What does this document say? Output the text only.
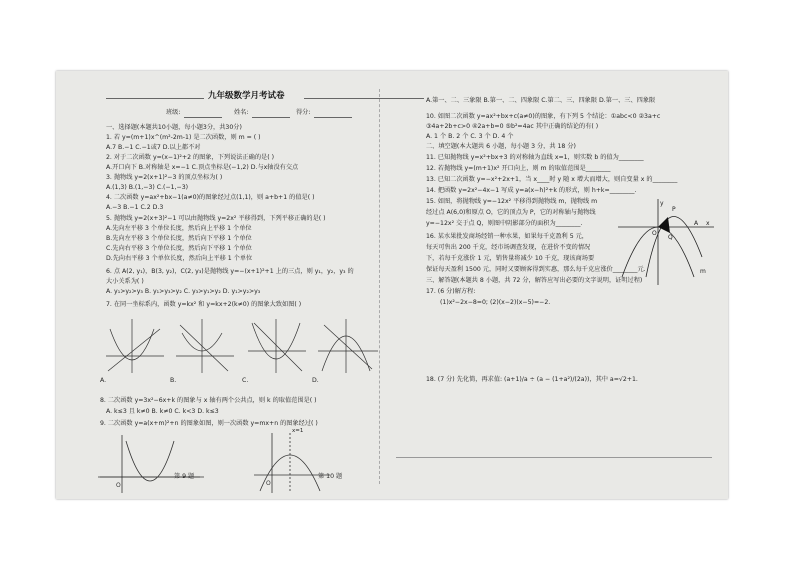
九年级数学月考试卷
班级:	姓名:	得分:
一、选择题(本题共10小题，每小题3分，共30分)
1. 若 y=(m+1)x^(m²-2m-1) 是二次函数，则 m = ( )
A.7 B.−1 C.−1或7 D.以上都不对
2. 对于二次函数 y=(x−1)²+2 的图象，下列说法正确的是( )
A.开口向下 B.对称轴是 x=−1 C.顶点坐标是(−1,2) D.与x轴没有交点
3. 抛物线 y=2(x+1)²−3 的顶点坐标为( )
A.(1,3) B.(1,−3) C.(−1,−3)
4. 二次函数 y=ax²+bx−1(a≠0)的图象经过点(1,1)，则 a+b+1 的值是( )
A.−3 B.−1 C.2 D.3
5. 抛物线 y=2(x+3)²−1 可以由抛物线 y=2x² 平移得到，下列平移正确的是( )
A.先向左平移 3 个单位长度，然后向上平移 1 个单位
B.先向左平移 3 个单位长度，然后向下平移 1 个单位
C.先向右平移 3 个单位长度，然后向下平移 1 个单位
D.先向右平移 3 个单位长度，然后向上平移 1 个单位
6. 点 A(2, y₁)，B(3, y₂)，C(2, y₃)是抛物线 y=−(x+1)²+1 上的三点，则 y₁，y₂，y₃ 的
大小关系为( )
A. y₁>y₂>y₃ B. y₁>y₃>y₂ C. y₃>y₁>y₂ D. y₁>y₂>y₃
7. 在同一坐标系内，函数 y=kx² 和 y=kx+2(k≠0) 的图象大致如图( )
A.	B.	C.	D.
8. 二次函数 y=3x²−6x+k 的图象与 x 轴有两个公共点，则 k 的取值范围是( )
A. k≤3 且 k≠0 B. k≠0 C. k<3 D. k≤3
9. 二次函数 y=a(x+m)²+n 的图象如图，则一次函数 y=mx+n 的图象经过( )
O
第 9 题
O
x=1
第 10 题
A.第一、二、三象限 B.第一、二、四象限 C.第二、三、四象限 D.第一、三、四象限
10. 如图二次函数 y=ax²+bx+c(a≠0)的图象，有下列 5 个结论：①abc<0 ②3a+c
③4a+2b+c>0 ④2a+b=0 ⑤b²=4ac 其中正确的结论的有( )
A. 1 个 B. 2 个 C. 3 个 D. 4 个
二、填空题(本大题共 6 小题，每小题 3 分，共 18 分)
11. 已知抛物线 y=x²+bx+3 的对称轴为直线 x=1，则实数 b 的值为________
12. 若抛物线 y=(m+1)x² 开口向上，则 m 的取值范围是________
13. 已知二次函数 y=−x²+2x+1，当 x____时 y 随 x 增大而增大，则自变量 x 的________
14. 把函数 y=2x²−4x−1 写成 y=a(x−h)²+k 的形式，则 h+k=________.
15. 如图，将抛物线 y=−12x² 平移得到抛物线 m，抛物线 m
经过点 A(6,0)和原点 O，它的顶点为 P，它的对称轴与抛物线
y=−12x² 交于点 Q，则图中阴影部分的面积为________.
16. 某水果批发商场经销一种水果，如果每千克盈利 5 元，
每天可售出 200 千克，经市场调查发现，在进价不变的情况
下，若每千克涨价 1 元，销售量将减少 10 千克，现该商场要
保证每天盈利 1500 元，同时又要顾客得到实惠，那么每千克应涨价________元.
三、解答题(本题共 8 小题，共 72 分，解答应写出必要的文字说明，证明过程)
17. (6 分)解方程:
(1)x²−2x−8=0; (2)(x−2)(x−5)=−2.
18. (7 分) 先化简，再求值: (a+1)/a ÷ (a − (1+a²)/(2a))，其中 a=√2+1.
P
O
Q
A x
y
m
